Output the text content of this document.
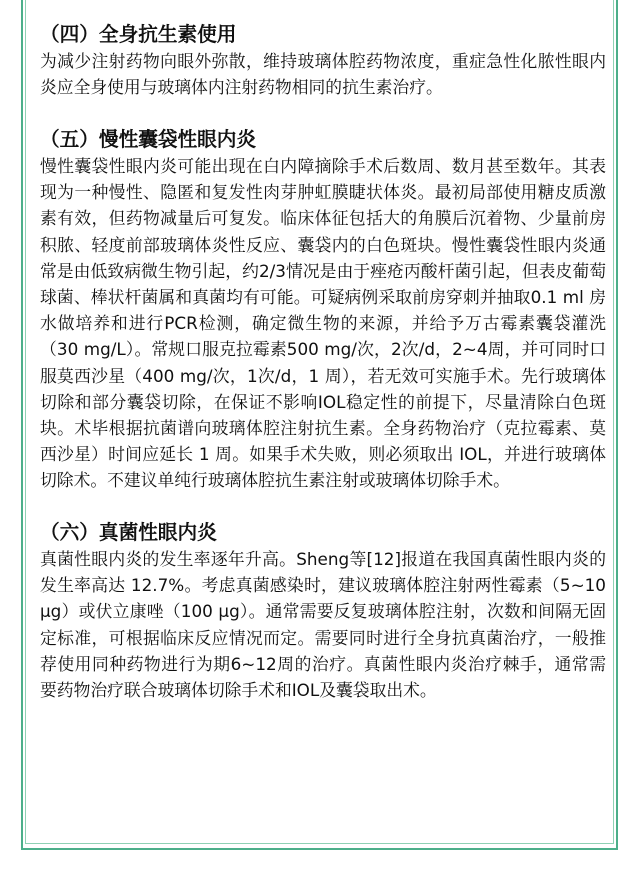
（四）全身抗生素使用

为减少注射药物向眼外弥散，维持玻璃体腔药物浓度，重症急性化脓性眼内炎应全身使用与玻璃体内注射药物相同的抗生素治疗。

（五）慢性囊袋性眼内炎

慢性囊袋性眼内炎可能出现在白内障摘除手术后数周、数月甚至数年。其表现为一种慢性、隐匿和复发性肉芽肿虹膜睫状体炎。最初局部使用糖皮质激素有效，但药物减量后可复发。临床体征包括大的角膜后沉着物、少量前房积脓、轻度前部玻璃体炎性反应、囊袋内的白色斑块。慢性囊袋性眼内炎通常是由低致病微生物引起，约2/3情况是由于痤疮丙酸杆菌引起，但表皮葡萄球菌、棒状杆菌属和真菌均有可能。可疑病例采取前房穿刺并抽取0.1 ml 房水做培养和进行PCR检测，确定微生物的来源，并给予万古霉素囊袋灌洗（30 mg/L）。常规口服克拉霉素500 mg/次，2次/d，2~4周，并可同时口服莫西沙星（400 mg/次，1次/d，1 周），若无效可实施手术。先行玻璃体切除和部分囊袋切除，在保证不影响IOL稳定性的前提下，尽量清除白色斑块。术毕根据抗菌谱向玻璃体腔注射抗生素。全身药物治疗（克拉霉素、莫西沙星）时间应延长 1 周。如果手术失败，则必须取出 IOL，并进行玻璃体切除术。不建议单纯行玻璃体腔抗生素注射或玻璃体切除手术。

（六）真菌性眼内炎

真菌性眼内炎的发生率逐年升高。Sheng等[12]报道在我国真菌性眼内炎的发生率高达 12.7%。考虑真菌感染时，建议玻璃体腔注射两性霉素（5~10 μg）或伏立康唑（100 μg）。通常需要反复玻璃体腔注射，次数和间隔无固定标准，可根据临床反应情况而定。需要同时进行全身抗真菌治疗，一般推荐使用同种药物进行为期6~12周的治疗。真菌性眼内炎治疗棘手，通常需要药物治疗联合玻璃体切除手术和IOL及囊袋取出术。
